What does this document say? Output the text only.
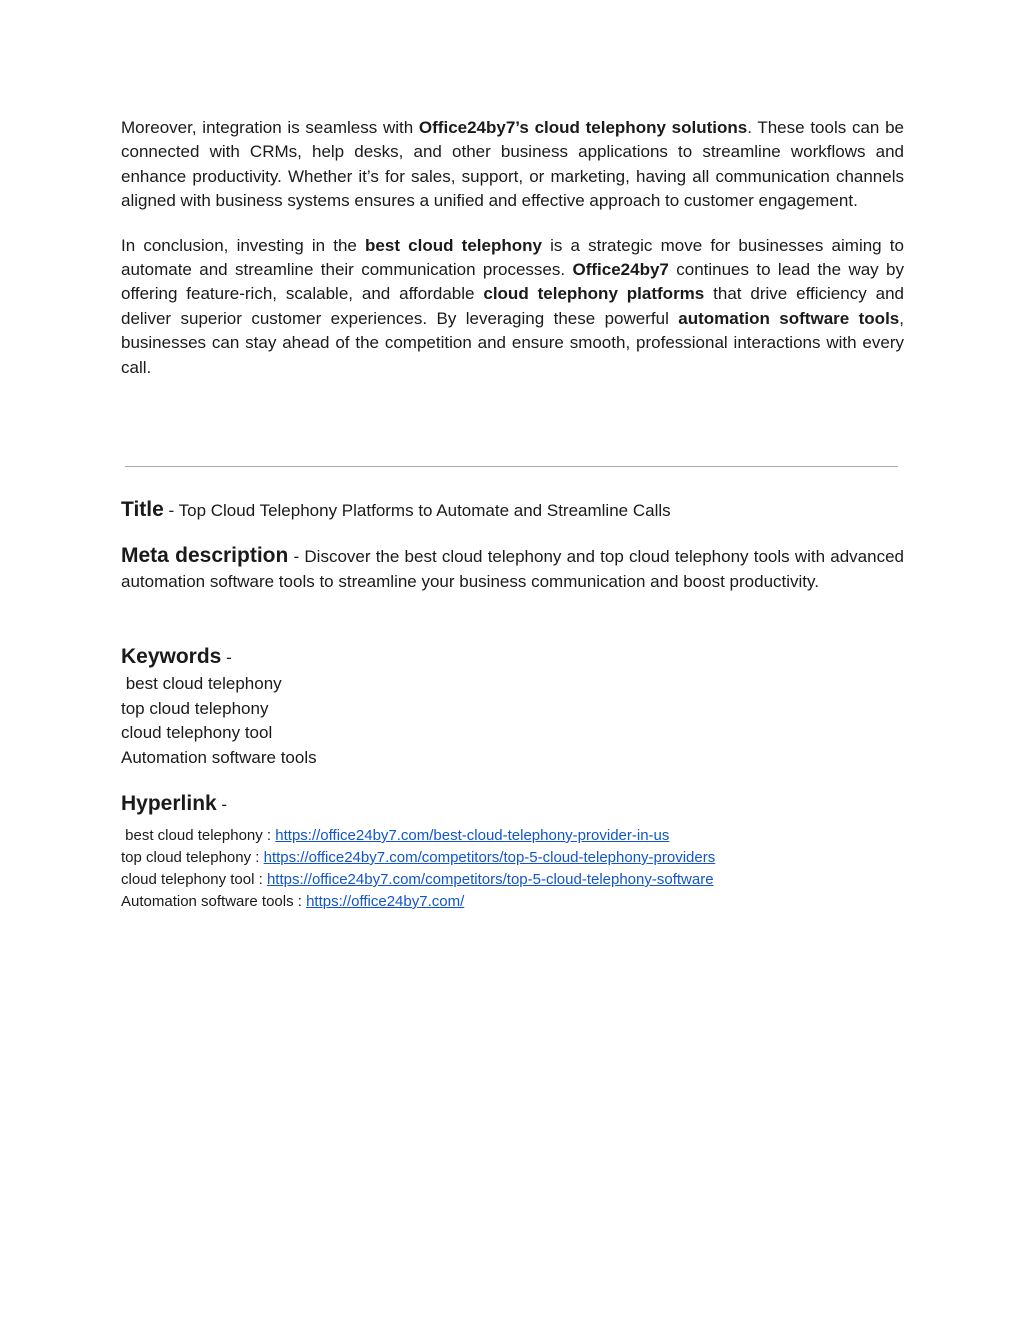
Moreover, integration is seamless with Office24by7’s cloud telephony solutions. These tools can be connected with CRMs, help desks, and other business applications to streamline workflows and enhance productivity. Whether it’s for sales, support, or marketing, having all communication channels aligned with business systems ensures a unified and effective approach to customer engagement.

In conclusion, investing in the best cloud telephony is a strategic move for businesses aiming to automate and streamline their communication processes. Office24by7 continues to lead the way by offering feature-rich, scalable, and affordable cloud telephony platforms that drive efficiency and deliver superior customer experiences. By leveraging these powerful automation software tools, businesses can stay ahead of the competition and ensure smooth, professional interactions with every call.

Title - Top Cloud Telephony Platforms to Automate and Streamline Calls
Meta description - Discover the best cloud telephony and top cloud telephony tools with advanced automation software tools to streamline your business communication and boost productivity.
Keywords -
best cloud telephony
top cloud telephony
cloud telephony tool
Automation software tools
Hyperlink -
best cloud telephony : https://office24by7.com/best-cloud-telephony-provider-in-us
top cloud telephony : https://office24by7.com/competitors/top-5-cloud-telephony-providers
cloud telephony tool : https://office24by7.com/competitors/top-5-cloud-telephony-software
Automation software tools : https://office24by7.com/
